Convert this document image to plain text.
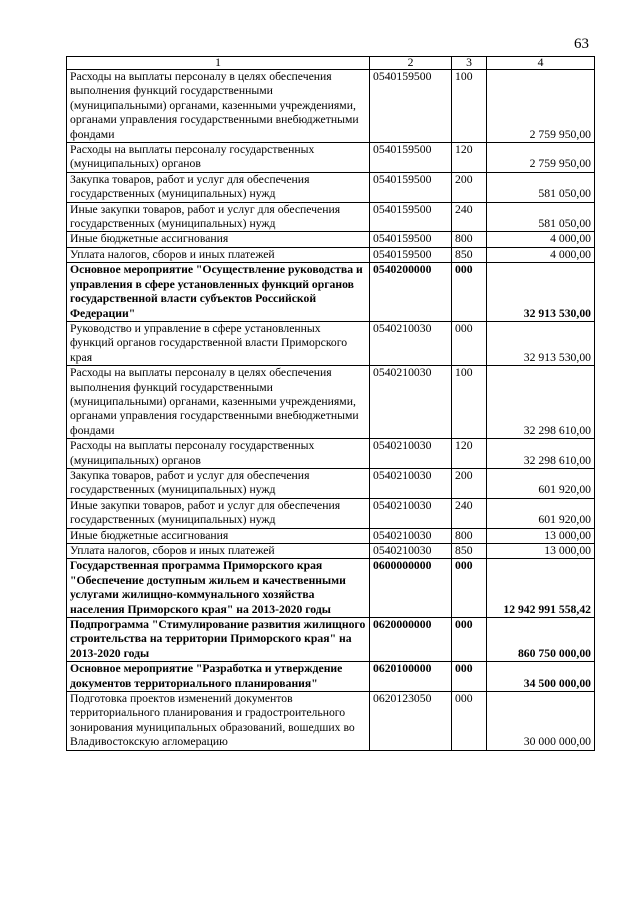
63
1	2	3	4
Расходы на выплаты персоналу в целях обеспечения выполнения функций государственными (муниципальными) органами, казенными учреждениями, органами управления государственными внебюджетными фондами	0540159500	100	2 759 950,00
Расходы на выплаты персоналу государственных (муниципальных) органов	0540159500	120	2 759 950,00
Закупка товаров, работ и услуг для обеспечения государственных (муниципальных) нужд	0540159500	200	581 050,00
Иные закупки товаров, работ и услуг для обеспечения государственных (муниципальных) нужд	0540159500	240	581 050,00
Иные бюджетные ассигнования	0540159500	800	4 000,00
Уплата налогов, сборов и иных платежей	0540159500	850	4 000,00
Основное мероприятие "Осуществление руководства и управления в сфере установленных функций органов государственной власти субъектов Российской Федерации"	0540200000	000	32 913 530,00
Руководство и управление в сфере установленных функций органов государственной власти Приморского края	0540210030	000	32 913 530,00
Расходы на выплаты персоналу в целях обеспечения выполнения функций государственными (муниципальными) органами, казенными учреждениями, органами управления государственными внебюджетными фондами	0540210030	100	32 298 610,00
Расходы на выплаты персоналу государственных (муниципальных) органов	0540210030	120	32 298 610,00
Закупка товаров, работ и услуг для обеспечения государственных (муниципальных) нужд	0540210030	200	601 920,00
Иные закупки товаров, работ и услуг для обеспечения государственных (муниципальных) нужд	0540210030	240	601 920,00
Иные бюджетные ассигнования	0540210030	800	13 000,00
Уплата налогов, сборов и иных платежей	0540210030	850	13 000,00
Государственная программа Приморского края "Обеспечение доступным жильем и качественными услугами жилищно-коммунального хозяйства населения Приморского края" на 2013-2020 годы	0600000000	000	12 942 991 558,42
Подпрограмма "Стимулирование развития жилищного строительства на территории Приморского края" на 2013-2020 годы	0620000000	000	860 750 000,00
Основное мероприятие "Разработка и утверждение документов территориального планирования"	0620100000	000	34 500 000,00
Подготовка проектов изменений документов территориального планирования и градостроительного зонирования муниципальных образований, вошедших во Владивостокскую агломерацию	0620123050	000	30 000 000,00
